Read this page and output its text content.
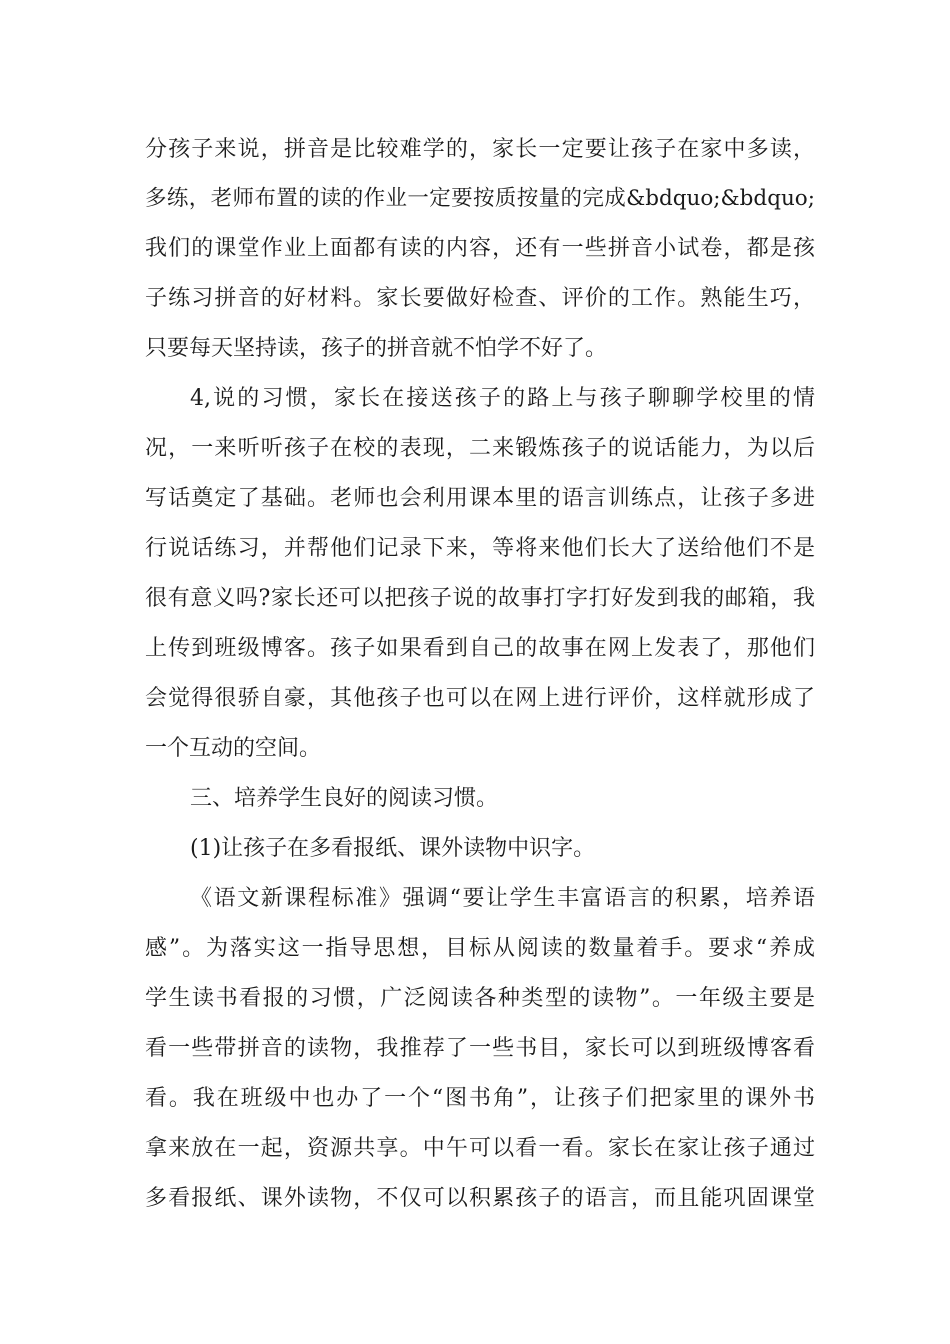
分孩子来说，拼音是比较难学的，家长一定要让孩子在家中多读，
多练，老师布置的读的作业一定要按质按量的完成&bdquo;&bdquo;
我们的课堂作业上面都有读的内容，还有一些拼音小试卷，都是孩
子练习拼音的好材料。家长要做好检查、评价的工作。熟能生巧，
只要每天坚持读，孩子的拼音就不怕学不好了。
4,说的习惯，家长在接送孩子的路上与孩子聊聊学校里的情
况，一来听听孩子在校的表现，二来锻炼孩子的说话能力，为以后
写话奠定了基础。老师也会利用课本里的语言训练点，让孩子多进
行说话练习，并帮他们记录下来，等将来他们长大了送给他们不是
很有意义吗?家长还可以把孩子说的故事打字打好发到我的邮箱，我
上传到班级博客。孩子如果看到自己的故事在网上发表了，那他们
会觉得很骄自豪，其他孩子也可以在网上进行评价，这样就形成了
一个互动的空间。
三、培养学生良好的阅读习惯。
(1)让孩子在多看报纸、课外读物中识字。
《语文新课程标准》强调“要让学生丰富语言的积累，培养语
感”。为落实这一指导思想，目标从阅读的数量着手。要求“养成
学生读书看报的习惯，广泛阅读各种类型的读物”。一年级主要是
看一些带拼音的读物，我推荐了一些书目，家长可以到班级博客看
看。我在班级中也办了一个“图书角”，让孩子们把家里的课外书
拿来放在一起，资源共享。中午可以看一看。家长在家让孩子通过
多看报纸、课外读物，不仅可以积累孩子的语言，而且能巩固课堂
